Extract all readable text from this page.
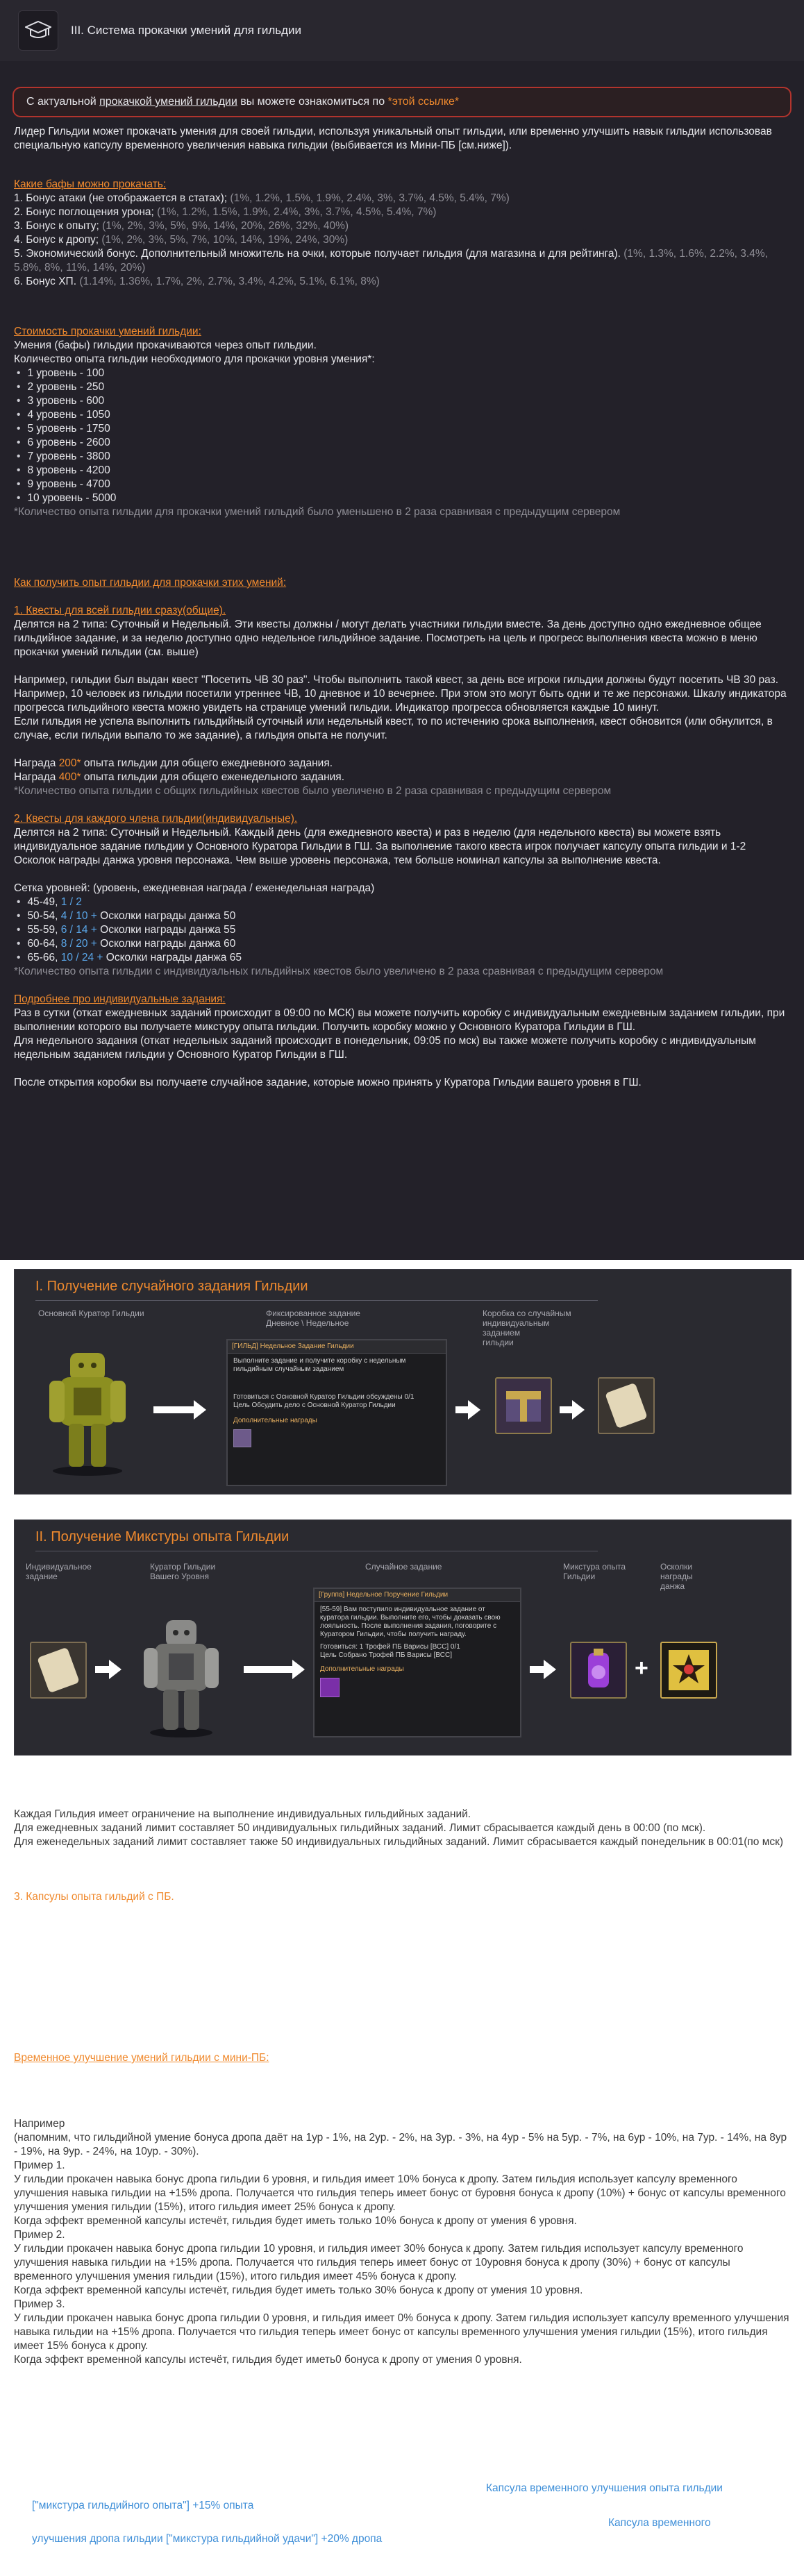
III. Система прокачки умений для гильдии
С актуальной прокачкой умений гильдии вы можете ознакомиться по *этой ссылке*
Лидер Гильдии может прокачать умения для своей гильдии, используя уникальный опыт гильдии, или временно улучшить навык гильдии использовав специальную капсулу временного увеличения навыка гильдии (выбивается из Мини-ПБ [см.ниже]).
Какие бафы можно прокачать:
1. Бонус атаки (не отображается в статах); (1%, 1.2%, 1.5%, 1.9%, 2.4%, 3%, 3.7%, 4.5%, 5.4%, 7%)
2. Бонус поглощения урона; (1%, 1.2%, 1.5%, 1.9%, 2.4%, 3%, 3.7%, 4.5%, 5.4%, 7%)
3. Бонус к опыту; (1%, 2%, 3%, 5%, 9%, 14%, 20%, 26%, 32%, 40%)
4. Бонус к дропу; (1%, 2%, 3%, 5%, 7%, 10%, 14%, 19%, 24%, 30%)
5. Экономический бонус. Дополнительный множитель на очки, которые получает гильдия (для магазина и для рейтинга). (1%, 1.3%, 1.6%, 2.2%, 3.4%, 5.8%, 8%, 11%, 14%, 20%)
6. Бонус ХП. (1.14%, 1.36%, 1.7%, 2%, 2.7%, 3.4%, 4.2%, 5.1%, 6.1%, 8%)
Стоимость прокачки умений гильдии:
Умения (бафы) гильдии прокачиваются через опыт гильдии.
Количество опыта гильдии необходимого для прокачки уровня умения*:
• 1 уровень - 100
• 2 уровень - 250
• 3 уровень - 600
• 4 уровень - 1050
• 5 уровень - 1750
• 6 уровень - 2600
• 7 уровень - 3800
• 8 уровень - 4200
• 9 уровень - 4700
• 10 уровень - 5000
*Количество опыта гильдии для прокачки умений гильдий было уменьшено в 2 раза сравнивая с предыдущим сервером
Как получить опыт гильдии для прокачки этих умений:
1. Квесты для всей гильдии сразу(общие).
Делятся на 2 типа: Суточный и Недельный. Эти квесты должны / могут делать участники гильдии вместе. За день доступно одно ежедневное общее гильдийное задание, и за неделю доступно одно недельное гильдийное задание. Посмотреть на цель и прогресс выполнения квеста можно в меню прокачки умений гильдии (см. выше)
Например, гильдии был выдан квест "Посетить ЧВ 30 раз". Чтобы выполнить такой квест, за день все игроки гильдии должны будут посетить ЧВ 30 раз. Например, 10 человек из гильдии посетили утреннее ЧВ, 10 дневное и 10 вечернее. При этом это могут быть одни и те же персонажи. Шкалу индикатора прогресса гильдийного квеста можно увидеть на странице умений гильдии. Индикатор прогресса обновляется каждые 10 минут.
Если гильдия не успела выполнить гильдийный суточный или недельный квест, то по истечению срока выполнения, квест обновится (или обнулится, в случае, если гильдии выпало то же задание), а гильдия опыта не получит.
Награда 200* опыта гильдии для общего ежедневного задания.
Награда 400* опыта гильдии для общего еженедельного задания.
*Количество опыта гильдии с общих гильдийных квестов было увеличено в 2 раза сравнивая с предыдущим сервером
2. Квесты для каждого члена гильдии(индивидуальные).
Делятся на 2 типа: Суточный и Недельный. Каждый день (для ежедневного квеста) и раз в неделю (для недельного квеста) вы можете взять индивидуальное задание гильдии у Основного Куратора Гильдии в ГШ. За выполнение такого квеста игрок получает капсулу опыта гильдии и 1-2 Осколок награды данжа уровня персонажа. Чем выше уровень персонажа, тем больше номинал капсулы за выполнение квеста.
Сетка уровней: (уровень, ежедневная награда / еженедельная награда)
• 45-49, 1 / 2
• 50-54, 4 / 10 + Осколки награды данжа 50
• 55-59, 6 / 14 + Осколки награды данжа 55
• 60-64, 8 / 20 + Осколки награды данжа 60
• 65-66, 10 / 24 + Осколки награды данжа 65
*Количество опыта гильдии с индивидуальных гильдийных квестов было увеличено в 2 раза сравнивая с предыдущим сервером
Подробнее про индивидуальные задания:
Раз в сутки (откат ежедневных заданий происходит в 09:00 по МСК) вы можете получить коробку с индивидуальным ежедневным заданием гильдии, при выполнении которого вы получаете микстуру опыта гильдии. Получить коробку можно у Основного Куратора Гильдии в ГШ.
Для недельного задания (откат недельных заданий происходит в понедельник, 09:05 по мск) вы также можете получить коробку с индивидуальным недельным заданием гильдии у Основного Куратор Гильдии в ГШ.
После открытия коробки вы получаете случайное задание, которые можно принять у Куратора Гильдии вашего уровня в ГШ.
I. Получение случайного задания Гильдии
Основной Куратор Гильдии	Фиксированное задание
Дневное \ Недельное
Коробка со случайным
индивидуальным заданием
гильдии
[ГИЛЬД] Недельное Задание Гильдии
Выполните задание и получите коробку с недельным гильдийным случайным заданием
Готовиться с Основной Куратор Гильдии обсуждены 0/1
Цель Обсудить дело с Основной Куратор Гильдии
Дополнительные награды
II. Получение Микстуры опыта Гильдии
Индивидуальное
задание
Куратор Гильдии
Вашего Уровня
Случайное задание	Микстура опыта
Гильдии
Осколки
награды
данжа
[Группа] Недельное Поручение Гильдии
[55-59] Вам поступило индивидуальное задание от куратора гильдии. Выполните его, чтобы доказать свою лояльность. После выполнения задания, поговорите с Куратором Гильдии, чтобы получить награду.
Готовиться: 1 Трофей ПБ Варисы [ВСС] 0/1
Цель Собрано Трофей ПБ Варисы [ВСС]
Дополнительные награды	+
Каждая Гильдия имеет ограничение на выполнение индивидуальных гильдийных заданий.
Для ежедневных заданий лимит составляет 50 индивидуальных гильдийных заданий. Лимит сбрасывается каждый день в 00:00 (по мск).
Для еженедельных заданий лимит составляет также 50 индивидуальных гильдийных заданий. Лимит сбрасывается каждый понедельник в 00:01(по мск)
3. Капсулы опыта гильдий с ПБ.
Временное улучшение умений гильдии с мини-ПБ:
Например
(напомним, что гильдийной умение бонуса дропа даёт на 1ур - 1%, на 2ур. - 2%, на 3ур. - 3%, на 4ур - 5% на 5ур. - 7%, на 6ур - 10%, на 7ур. - 14%, на 8ур - 19%, на 9ур. - 24%, на 10ур. - 30%).
Пример 1.
У гильдии прокачен навыка бонус дропа гильдии 6 уровня, и гильдия имеет 10% бонуса к дропу. Затем гильдия использует капсулу временного улучшения навыка гильдии на +15% дропа. Получается что гильдия теперь имеет бонус от буровня бонуса к дропу (10%) + бонус от капсулы временного улучшения умения гильдии (15%), итого гильдия имеет 25% бонуса к дропу.
Когда эффект временной капсулы истечёт, гильдия будет иметь только 10% бонуса к дропу от умения 6 уровня.
Пример 2.
У гильдии прокачен навыка бонус дропа гильдии 10 уровня, и гильдия имеет 30% бонуса к дропу. Затем гильдия использует капсулу временного улучшения навыка гильдии на +15% дропа. Получается что гильдия теперь имеет бонус от 10уровня бонуса к дропу (30%) + бонус от капсулы временного улучшения умения гильдии (15%), итого гильдия имеет 45% бонуса к дропу.
Когда эффект временной капсулы истечёт, гильдия будет иметь только 30% бонуса к дропу от умения 10 уровня.
Пример 3.
У гильдии прокачен навыка бонус дропа гильдии 0 уровня, и гильдия имеет 0% бонуса к дропу. Затем гильдия использует капсулу временного улучшения навыка гильдии на +15% дропа. Получается что гильдия теперь имеет бонус от капсулы временного улучшения умения гильдии (15%), итого гильдия имеет 15% бонуса к дропу.
Когда эффект временной капсулы истечёт, гильдия будет иметь0 бонуса к дропу от умения 0 уровня.
Капсула временного улучшения опыта гильдии
["микстура гильдийного опыта"] +15% опыта
Капсула временного
улучшения дропа гильдии ["микстура гильдийной удачи"] +20% дропа
